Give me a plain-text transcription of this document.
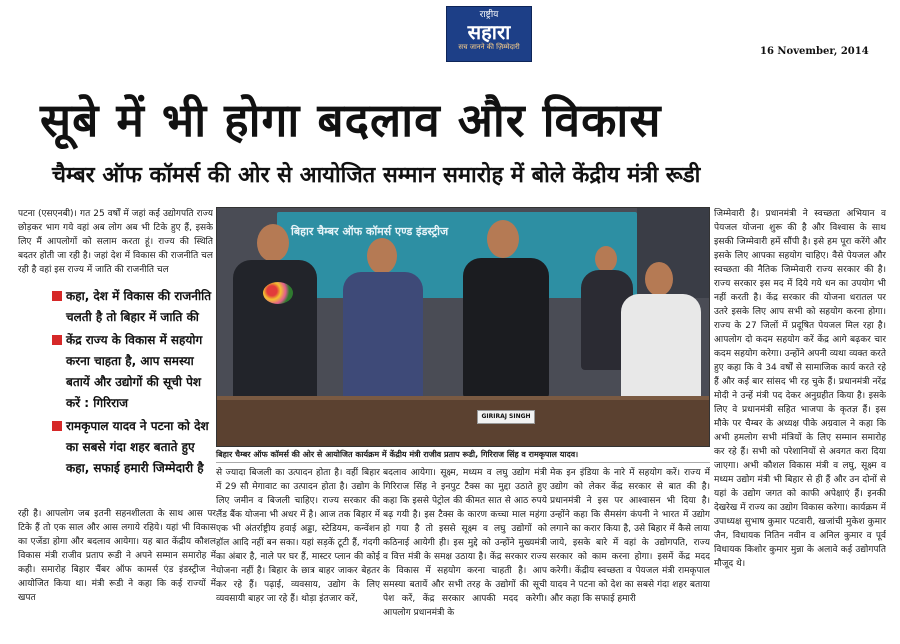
राष्ट्रीय
सहारा
सच जानने की ज़िम्मेदारी	16 November, 2014
सूबे में भी होगा बदलाव और विकास
चैम्बर ऑफ कॉमर्स की ओर से आयोजित सम्मान समारोह में बोले केंद्रीय मंत्री रूडी
पटना (एसएनबी)। गत 25 वर्षों में जहां कई उद्योगपति राज्य छोड़कर भाग गये वहां अब लोग अब भी टिके हुए हैं, इसके लिए मैं आपलोगों को सलाम करता हूं। राज्य की स्थिति बदतर होती जा रही है। जहां देश में विकास की राजनीति चल रही है वहां इस राज्य में जाति की राजनीति चल
कहा, देश में विकास की राजनीति चलती है तो बिहार में जाति की
केंद्र राज्य के विकास में सहयोग करना चाहता है, आप समस्या बतायें और उद्योगों की सूची पेश करें : गिरिराज
रामकृपाल यादव ने पटना को देश का सबसे गंदा शहर बताते हुए कहा, सफाई हमारी जिम्मेदारी है
रही है। आपलोग जब इतनी सहनशीलता के साथ आस पर टिके हैं तो एक साल और आस लगाये रहिये। यहां भी विकास का एजेंडा होगा और बदलाव आयेगा। यह बात केंद्रीय कौशल विकास मंत्री राजीव प्रताप रूडी ने अपने सम्मान समारोह में कही। समारोह बिहार चैंबर ऑफ कामर्स एंड इंडस्ट्रीज ने आयोजित किया था। मंत्री रूडी ने कहा कि कई राज्यों में खपत
बिहार चैम्बर ऑफ कॉमर्स एण्ड इंडस्ट्रीज
GIRIRAJ SINGH
बिहार चैम्बर ऑफ कॉमर्स की ओर से आयोजित कार्यक्रम में केंद्रीय मंत्री राजीव प्रताप रूडी, गिरिराज सिंह व रामकृपाल यादव।
से ज्यादा बिजली का उत्पादन होता है। वहीं बिहार में 29 सौ मेगावाट का उत्पादन होता है। उद्योग के लिए जमीन व बिजली चाहिए। राज्य सरकार की लैंड बैंक योजना भी अधर में है। आज तक बिहार में एक भी अंतर्राष्ट्रीय हवाई अड्डा, स्टेडियम, कन्वेंशन हॉल आदि नहीं बन सका। यहां सड़कें टूटी हैं, गंदगी का अंबार है, नाले पर घर हैं, मास्टर प्लान की कोई योजना नहीं है। बिहार के छात्र बाहर जाकर बेहतर कर रहे हैं। पढ़ाई, व्यवसाय, उद्योग के लिए व्यवसायी बाहर जा रहे हैं। थोड़ा इंतजार करें,
बदलाव आयेगा। सूक्ष्म, मध्यम व लघु उद्योग मंत्री गिरिराज सिंह ने इनपुट टैक्स का मुद्दा उठाते हुए कहा कि इससे पेट्रोल की कीमत सात से आठ रुपये बढ़ गयी है। इस टैक्स के कारण कच्चा माल महंगा हो गया है तो इससे सूक्ष्म व लघु उद्योगों को कठिनाई आयेगी ही। इस मुद्दे को उन्होंने मुख्यमंत्री व वित्त मंत्री के समक्ष उठाया है। केंद्र सरकार राज्य के विकास में सहयोग करना चाहती है। आप समस्या बतायें और सभी तरह के उद्योगों की सूची पेश करें, केंद्र सरकार आपकी मदद करेगी। आपलोग प्रधानमंत्री के
मेक इन इंडिया के नारे में सहयोग करें। राज्य में उद्योग को लेकर केंद्र सरकार से बात की है। प्रधानमंत्री ने इस पर आश्वासन भी दिया है। उन्होंने कहा कि सैमसंग कंपनी ने भारत में उद्योग लगाने का करार किया है, उसे बिहार में कैसे लाया जाये, इसके बारे में वहां के उद्योगपति, राज्य सरकार को काम करना होगा। इसमें केंद्र मदद करेगी। केंद्रीय स्वच्छता व पेयजल मंत्री रामकृपाल यादव ने पटना को देश का सबसे गंदा शहर बताया और कहा कि सफाई हमारी
जिम्मेवारी है। प्रधानमंत्री ने स्वच्छता अभियान व पेयजल योजना शुरू की है और विश्वास के साथ इसकी जिम्मेवारी हमें सौंपी है। इसे हम पूरा करेंगे और इसके लिए आपका सहयोग चाहिए। वैसे पेयजल और स्वच्छता की नैतिक जिम्मेवारी राज्य सरकार की है। राज्य सरकार इस मद में दिये गये धन का उपयोग भी नहीं करती है। केंद्र सरकार की योजना धरातल पर उतरे इसके लिए आप सभी को सहयोग करना होगा। राज्य के 27 जिलों में प्रदूषित पेयजल मिल रहा है। आपलोग दो कदम सहयोग करें केंद्र आगे बढ़कर चार कदम सहयोग करेगा। उन्होंने अपनी व्यथा व्यक्त करते हुए कहा कि वे 34 वर्षों से सामाजिक कार्य करते रहे हैं और कई बार सांसद भी रह चुके हैं। प्रधानमंत्री नरेंद्र मोदी ने उन्हें मंत्री पद देकर अनुग्रहीत किया है। इसके लिए वे प्रधानमंत्री सहित भाजपा के कृतज्ञ हैं। इस मौके पर चैम्बर के अध्यक्ष पीके अग्रवाल ने कहा कि अभी हमलोग सभी मंत्रियों के लिए सम्मान समारोह कर रहे हैं। सभी को परेशानियों से अवगत करा दिया जाएगा। अभी कौशल विकास मंत्री व लघु, सूक्ष्म व मध्यम उद्योग मंत्री भी बिहार से ही हैं और उन दोनों से यहां के उद्योग जगत को काफी अपेक्षाएं हैं। इनकी देखरेख में राज्य का उद्योग विकास करेगा। कार्यक्रम में उपाध्यक्ष सुभाष कुमार पटवारी, खजांची मुकेश कुमार जैन, विधायक नितिन नवीन व अनिल कुमार व पूर्व विधायक किशोर कुमार मुन्ना के अलावे कई उद्योगपति मौजूद थे।
